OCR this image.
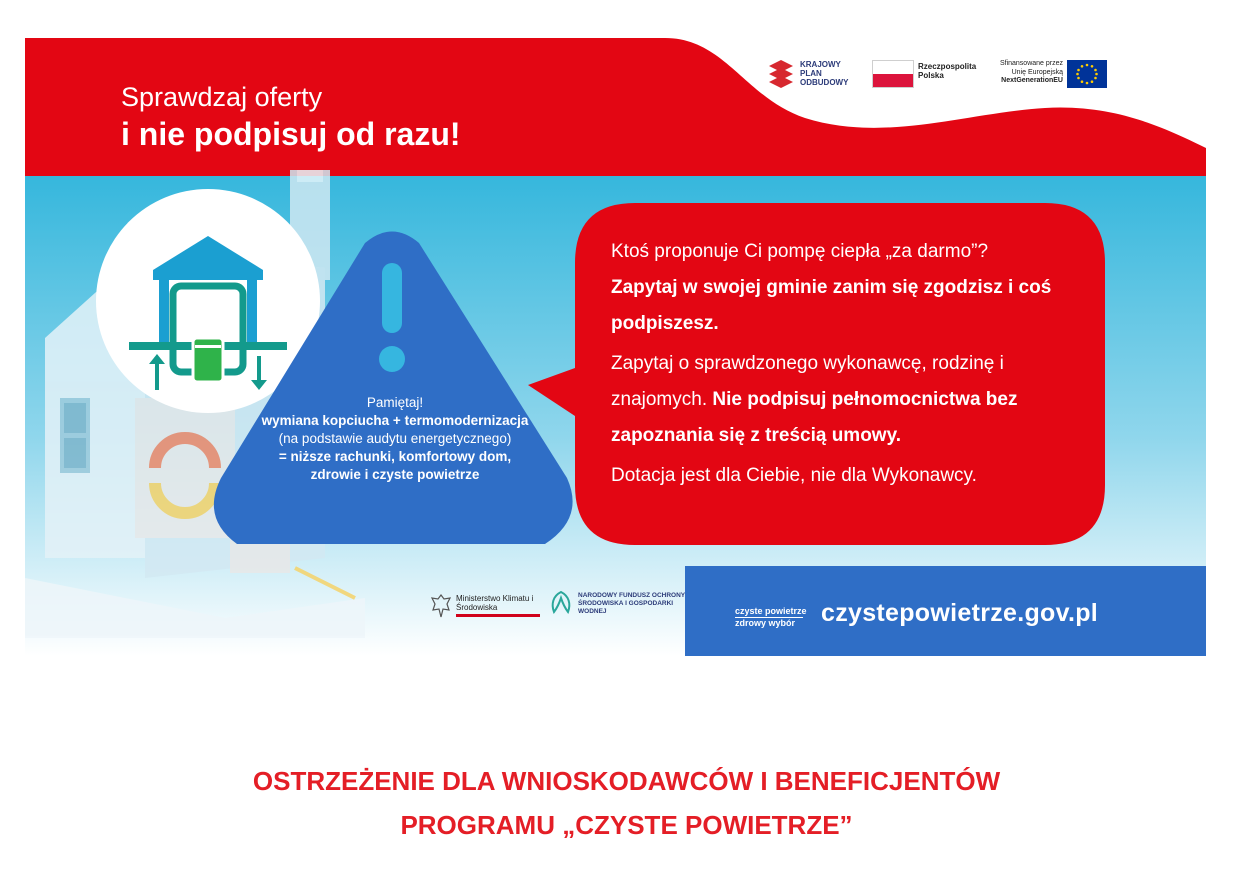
Sprawdzaj oferty
i nie podpisuj od razu!
KRAJOWY PLAN ODBUDOWY
Rzeczpospolita Polska
Sfinansowane przez
Unię Europejską
NextGenerationEU

Ktoś proponuje Ci pompę ciepła „za darmo”?
Zapytaj w swojej gminie zanim się zgodzisz i coś podpiszesz.

Zapytaj o sprawdzonego wykonawcę, rodzinę i znajomych. Nie podpisuj pełnomocnictwa bez zapoznania się z treścią umowy.

Dotacja jest dla Ciebie, nie dla Wykonawcy.

Pamiętaj!
wymiana kopciucha + termomodernizacja (na podstawie audytu energetycznego)
= niższe rachunki, komfortowy dom, zdrowie i czyste powietrze
Ministerstwo Klimatu i Środowiska
NARODOWY FUNDUSZ OCHRONY ŚRODOWISKA I GOSPODARKI WODNEJ	czyste powietrze
zdrowy wybór	czystepowietrze.gov.pl
OSTRZEŻENIE DLA WNIOSKODAWCÓW I BENEFICJENTÓW
PROGRAMU „CZYSTE POWIETRZE”
